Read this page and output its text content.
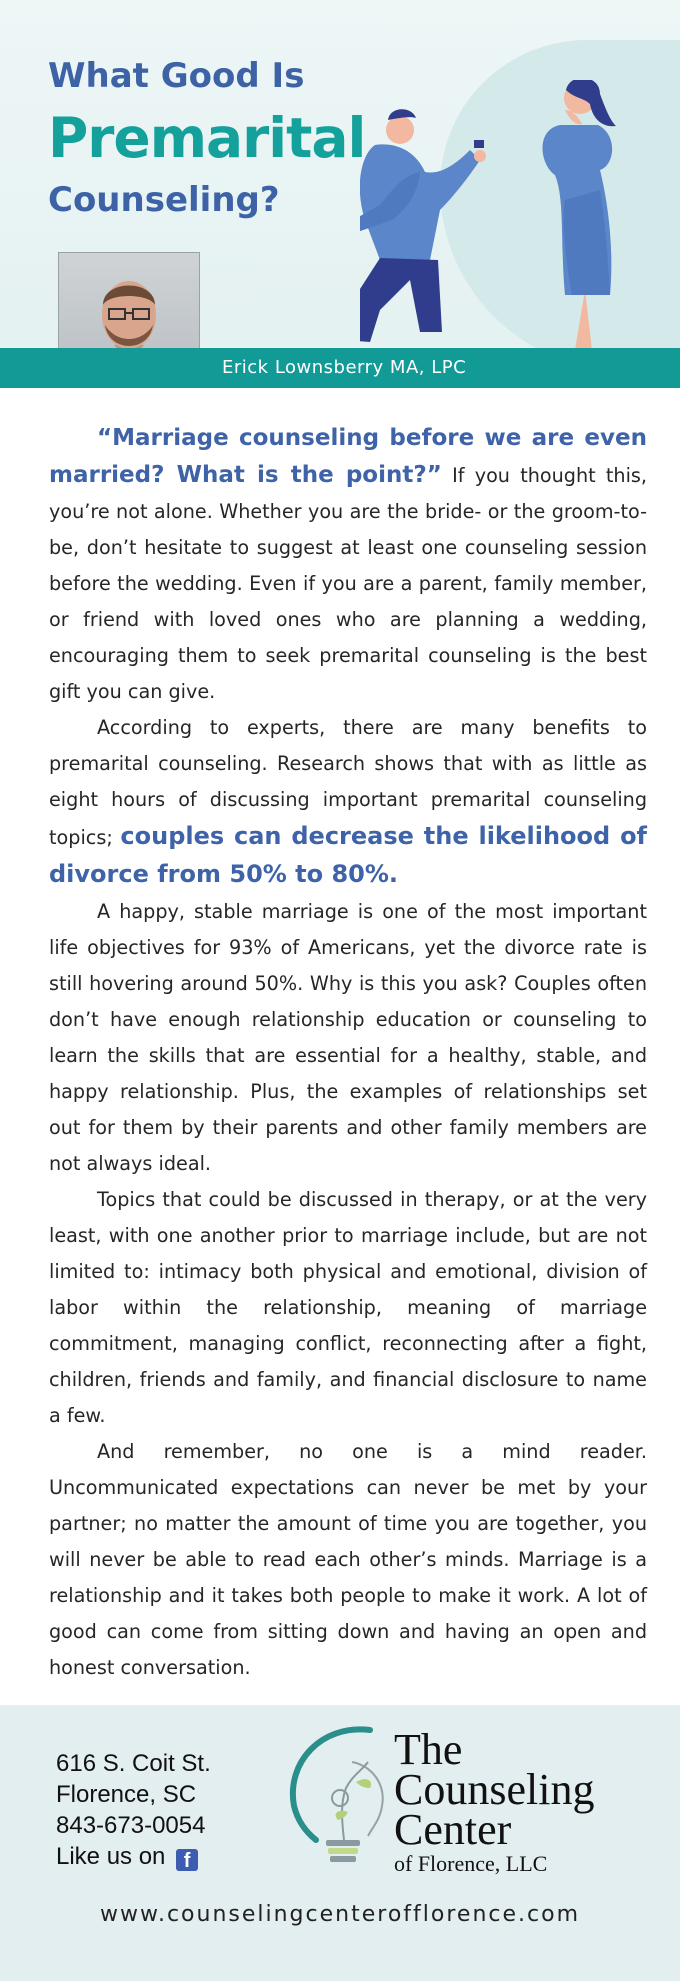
What Good Is
Premarital
Counseling?
Erick Lownsberry MA, LPC

“Marriage counseling before we are even married? What is the point?” If you thought this, you’re not alone. Whether you are the bride- or the groom-to-be, don’t hesitate to suggest at least one counseling session before the wedding. Even if you are a parent, family member, or friend with loved ones who are planning a wedding, encouraging them to seek premarital counseling is the best gift you can give.

According to experts, there are many benefits to premarital counseling. Research shows that with as little as eight hours of discussing important premarital counseling topics; couples can decrease the likelihood of divorce from 50% to 80%.

A happy, stable marriage is one of the most important life objectives for 93% of Americans, yet the divorce rate is still hovering around 50%. Why is this you ask? Couples often don’t have enough relationship education or counseling to learn the skills that are essential for a healthy, stable, and happy relationship. Plus, the examples of relationships set out for them by their parents and other family members are not always ideal.

Topics that could be discussed in therapy, or at the very least, with one another prior to marriage include, but are not limited to: intimacy both physical and emotional, division of labor within the relationship, meaning of marriage commitment, managing conflict, reconnecting after a fight, children, friends and family, and financial disclosure to name a few.

And remember, no one is a mind reader. Uncommunicated expectations can never be met by your partner; no matter the amount of time you are together, you will never be able to read each other’s minds. Marriage is a relationship and it takes both people to make it work. A lot of good can come from sitting down and having an open and honest conversation.

616 S. Coit St.
Florence, SC
843-673-0054
Like us on f
The
Counseling
Center
of Florence, LLC
www.counselingcenterofflorence.com
